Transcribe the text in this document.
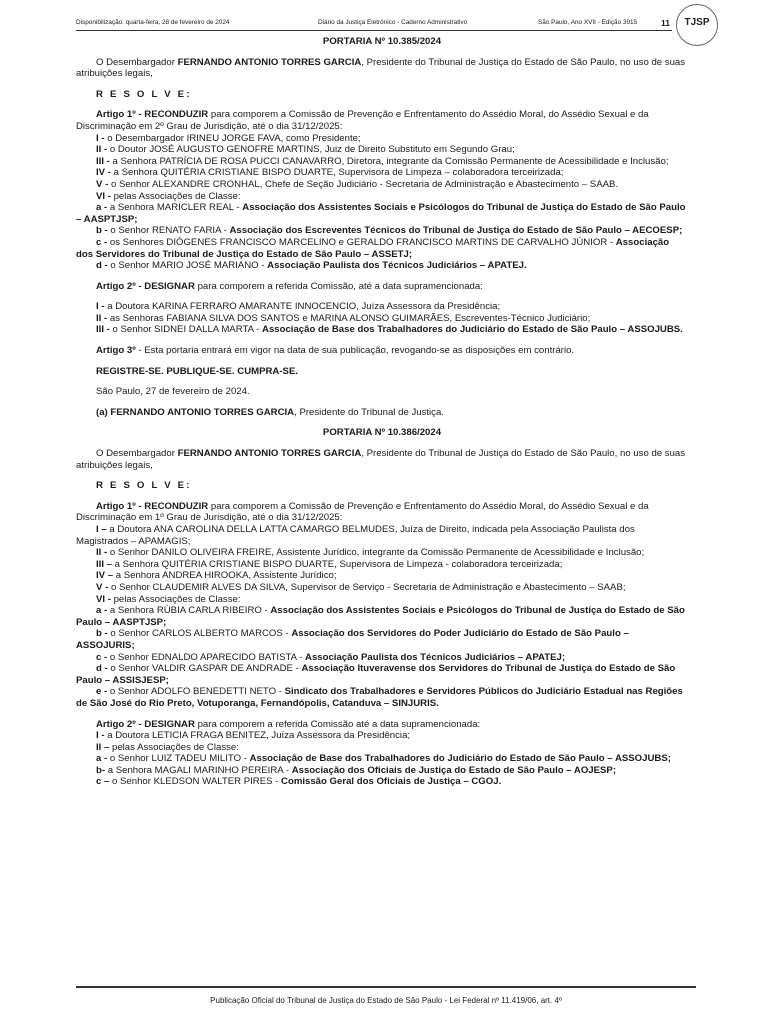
Disponibilização: quarta-feira, 28 de fevereiro de 2024	Diário da Justiça Eletrônico - Caderno Administrativo	São Paulo, Ano XVII - Edição 3915	11	TJSP

PORTARIA Nº 10.385/2024

O Desembargador FERNANDO ANTONIO TORRES GARCIA, Presidente do Tribunal de Justiça do Estado de São Paulo, no uso de suas atribuições legais,

R E S O L V E:

Artigo 1º - RECONDUZIR para comporem a Comissão de Prevenção e Enfrentamento do Assédio Moral, do Assédio Sexual e da Discriminação em 2º Grau de Jurisdição, até o dia 31/12/2025:

I - o Desembargador IRINEU JORGE FAVA, como Presidente;

II - o Doutor JOSÉ AUGUSTO GENOFRE MARTINS, Juiz de Direito Substituto em Segundo Grau;

III - a Senhora PATRÍCIA DE ROSA PUCCI CANAVARRO, Diretora, integrante da Comissão Permanente de Acessibilidade e Inclusão;

IV - a Senhora QUITÉRIA CRISTIANE BISPO DUARTE, Supervisora de Limpeza – colaboradora terceirizada;

V - o Senhor ALEXANDRE CRONHAL, Chefe de Seção Judiciário - Secretaria de Administração e Abastecimento – SAAB.

VI - pelas Associações de Classe:

a - a Senhora MARICLER REAL - Associação dos Assistentes Sociais e Psicólogos do Tribunal de Justiça do Estado de São Paulo – AASPTJSP;

b - o Senhor RENATO FARIA - Associação dos Escreventes Técnicos do Tribunal de Justiça do Estado de São Paulo – AECOESP;

c - os Senhores DIÓGENES FRANCISCO MARCELINO e GERALDO FRANCISCO MARTINS DE CARVALHO JÚNIOR - Associação dos Servidores do Tribunal de Justiça do Estado de São Paulo – ASSETJ;

d - o Senhor MARIO JOSÉ MARIANO - Associação Paulista dos Técnicos Judiciários – APATEJ.

Artigo 2º - DESIGNAR para comporem a referida Comissão, até a data supramencionada:

I - a Doutora KARINA FERRARO AMARANTE INNOCENCIO, Juíza Assessora da Presidência;

II - as Senhoras FABIANA SILVA DOS SANTOS e MARINA ALONSO GUIMARÃES, Escreventes-Técnico Judiciário;

III - o Senhor SIDNEI DALLA MARTA - Associação de Base dos Trabalhadores do Judiciário do Estado de São Paulo – ASSOJUBS.

Artigo 3º - Esta portaria entrará em vigor na data de sua publicação, revogando-se as disposições em contrário.

REGISTRE-SE. PUBLIQUE-SE. CUMPRA-SE.

São Paulo, 27 de fevereiro de 2024.

(a) FERNANDO ANTONIO TORRES GARCIA, Presidente do Tribunal de Justiça.

PORTARIA Nº 10.386/2024

O Desembargador FERNANDO ANTONIO TORRES GARCIA, Presidente do Tribunal de Justiça do Estado de São Paulo, no uso de suas atribuições legais,

R E S O L V E:

Artigo 1º - RECONDUZIR para comporem a Comissão de Prevenção e Enfrentamento do Assédio Moral, do Assédio Sexual e da Discriminação em 1º Grau de Jurisdição, até o dia 31/12/2025:

I – a Doutora ANA CAROLINA DELLA LATTA CAMARGO BELMUDES, Juíza de Direito, indicada pela Associação Paulista dos Magistrados – APAMAGIS;

II - o Senhor DANILO OLIVEIRA FREIRE, Assistente Jurídico, integrante da Comissão Permanente de Acessibilidade e Inclusão;

III – a Senhora QUITÉRIA CRISTIANE BISPO DUARTE, Supervisora de Limpeza - colaboradora terceirizada;

IV – a Senhora ANDREA HIROOKA, Assistente Jurídico;

V - o Senhor CLAUDEMIR ALVES DA SILVA, Supervisor de Serviço - Secretaria de Administração e Abastecimento – SAAB;

VI - pelas Associações de Classe:

a - a Senhora RÚBIA CARLA RIBEIRO - Associação dos Assistentes Sociais e Psicólogos do Tribunal de Justiça do Estado de São Paulo – AASPTJSP;

b - o Senhor CARLOS ALBERTO MARCOS - Associação dos Servidores do Poder Judiciário do Estado de São Paulo – ASSOJURIS;

c - o Senhor EDNALDO APARECIDO BATISTA - Associação Paulista dos Técnicos Judiciários – APATEJ;

d - o Senhor VALDIR GASPAR DE ANDRADE - Associação Ituveravense dos Servidores do Tribunal de Justiça do Estado de São Paulo – ASSISJESP;

e - o Senhor ADOLFO BENEDETTI NETO - Sindicato dos Trabalhadores e Servidores Públicos do Judiciário Estadual nas Regiões de São José do Rio Preto, Votuporanga, Fernandópolis, Catanduva – SINJURIS.

Artigo 2º - DESIGNAR para comporem a referida Comissão até a data supramencionada:

I - a Doutora LETICIA FRAGA BENITEZ, Juíza Assessora da Presidência;

II – pelas Associações de Classe:

a - o Senhor LUIZ TADEU MILITO - Associação de Base dos Trabalhadores do Judiciário do Estado de São Paulo – ASSOJUBS;

b- a Senhora MAGALI MARINHO PEREIRA - Associação dos Oficiais de Justiça do Estado de São Paulo – AOJESP;

c – o Senhor KLEDSON WALTER PIRES - Comissão Geral dos Oficiais de Justiça – CGOJ.

Publicação Oficial do Tribunal de Justiça do Estado de São Paulo - Lei Federal nº 11.419/06, art. 4º
